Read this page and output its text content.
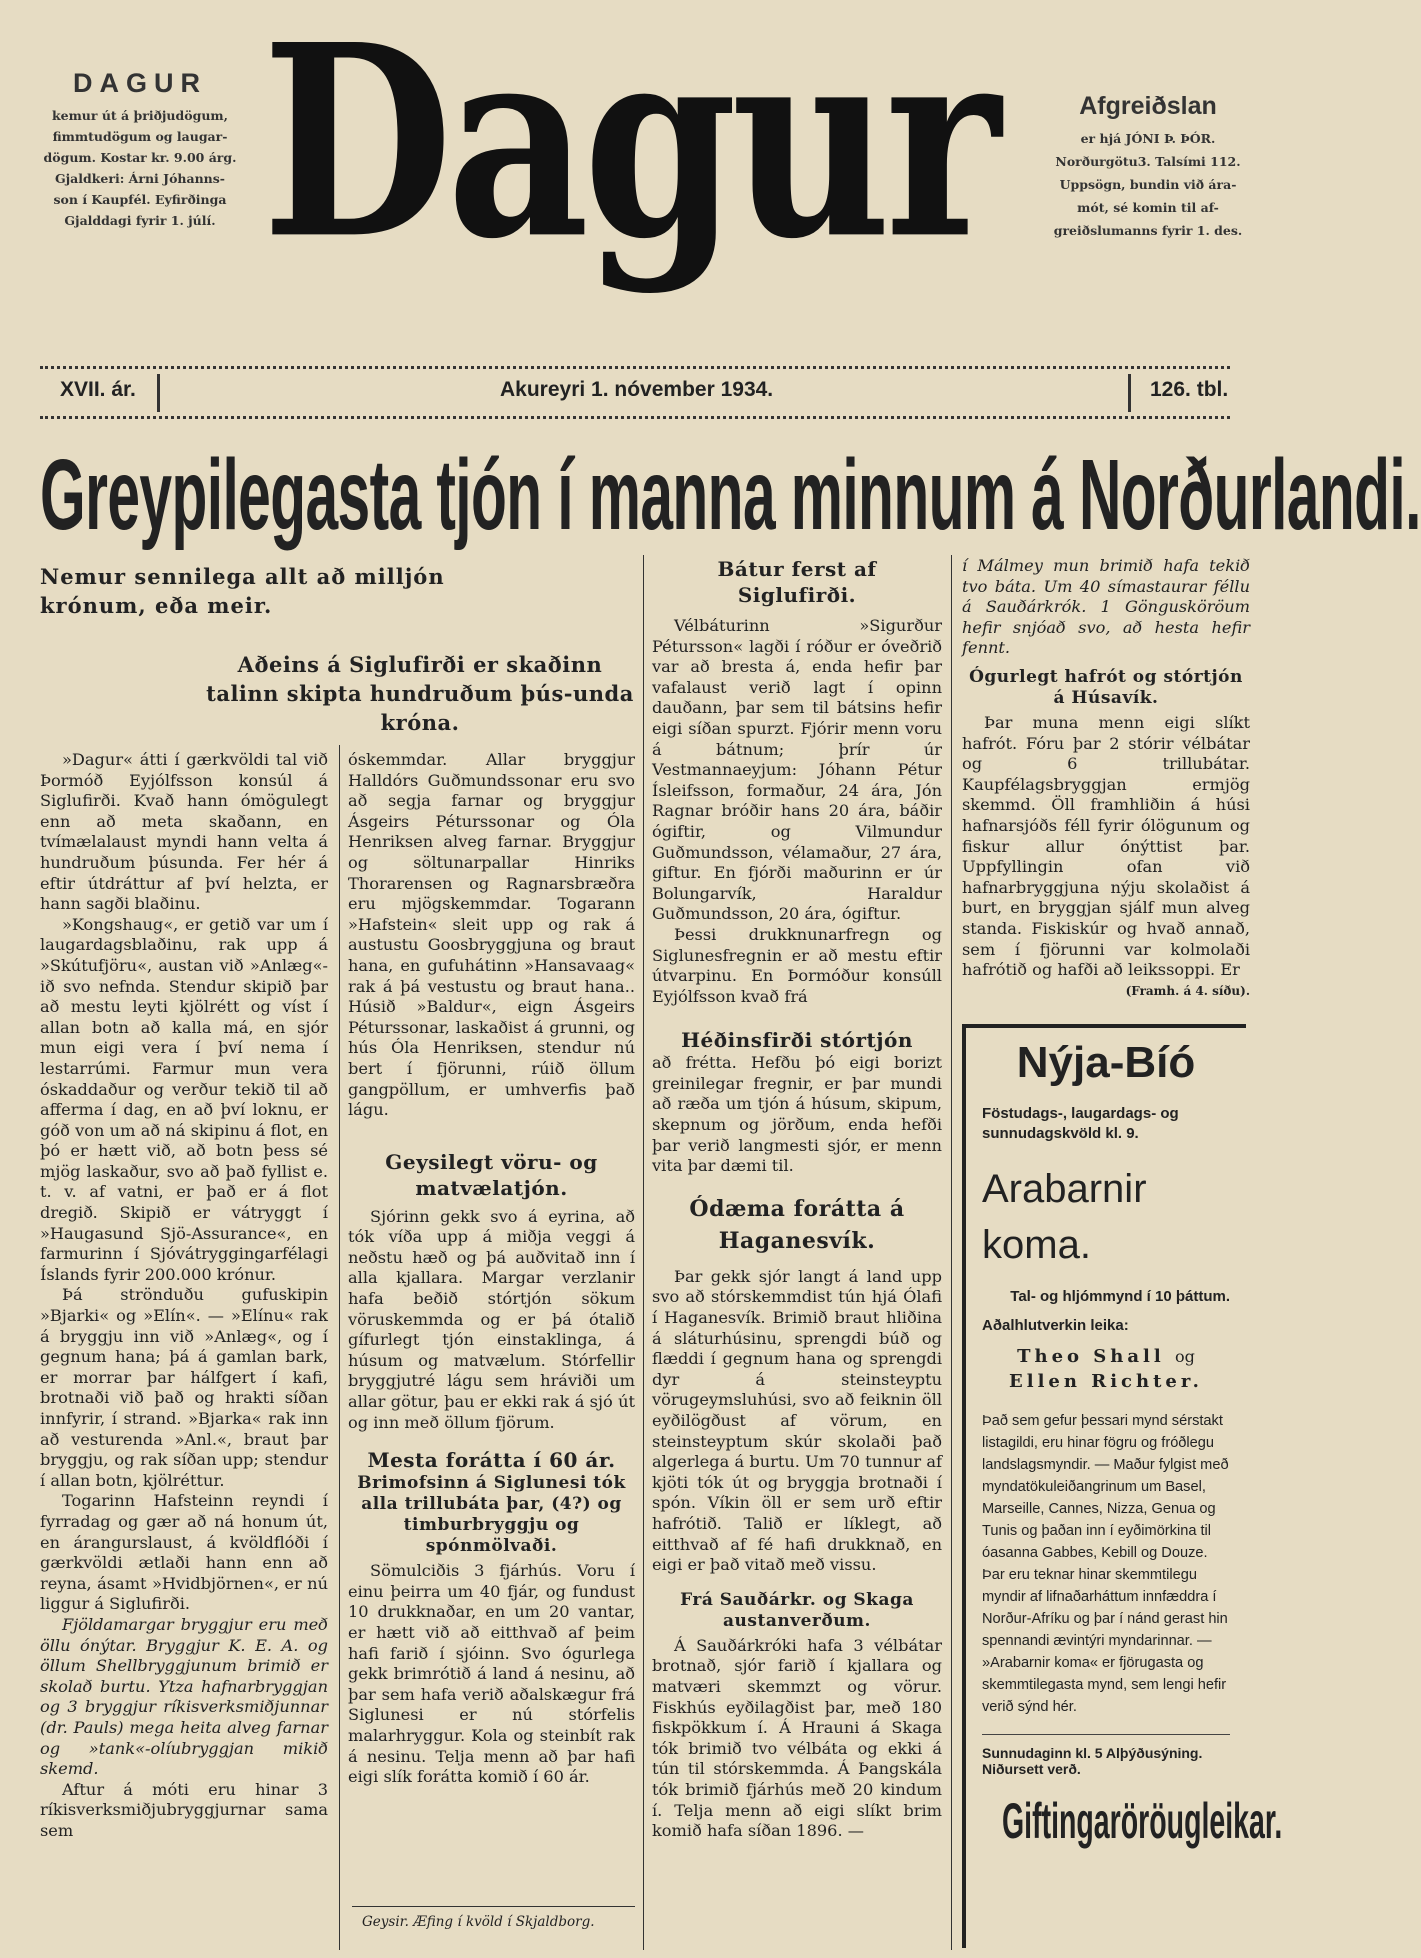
DAGUR
kemur út á þriðjudögum,
fimmtudögum og laugar-
dögum. Kostar kr. 9.00 árg.
Gjaldkeri: Árni Jóhanns-
son í Kaupfél. Eyfirðinga
Gjalddagi fyrir 1. júlí. Dagur	Afgreiðslan
er hjá JÓNI Þ. ÞÓR.
Norðurgötu3. Talsími 112.
Uppsögn, bundin við ára-
mót, sé komin til af-
greiðslumanns fyrir 1. des.
XVII. ár.	Akureyri 1. nóvember 1934.	126. tbl.
Greypilegasta tjón í manna minnum á Norðurlandi.
Nemur sennilega allt að milljón krónum, eða meir.
Aðeins á Siglufirði er skaðinn talinn skipta hundruðum þús-unda króna.

»Dagur« átti í gærkvöldi tal við Þormóð Eyjólfsson konsúl á Siglufirði. Kvað hann ómögulegt enn að meta skaðann, en tvímælalaust myndi hann velta á hundruðum þúsunda. Fer hér á eftir útdráttur af því helzta, er hann sagði blaðinu.

»Kongshaug«, er getið var um í laugardagsblaðinu, rak upp á »Skútufjöru«, austan við »Anlæg«-ið svo nefnda. Stendur skipið þar að mestu leyti kjölrétt og víst í allan botn að kalla má, en sjór mun eigi vera í því nema í lestarrúmi. Farmur mun vera óskaddaður og verður tekið til að afferma í dag, en að því loknu, er góð von um að ná skipinu á flot, en þó er hætt við, að botn þess sé mjög laskaður, svo að það fyllist e. t. v. af vatni, er það er á flot dregið. Skipið er vátryggt í »Haugasund Sjö-Assurance«, en farmurinn í Sjóvátryggingarfélagi Íslands fyrir 200.000 krónur.

Þá strönduðu gufuskipin »Bjarki« og »Elín«. — »Elínu« rak á bryggju inn við »Anlæg«, og í gegnum hana; þá á gamlan bark, er morrar þar hálfgert í kafi, brotnaði við það og hrakti síðan innfyrir, í strand. »Bjarka« rak inn að vesturenda »Anl.«, braut þar bryggju, og rak síðan upp; stendur í allan botn, kjölréttur.

Togarinn Hafsteinn reyndi í fyrradag og gær að ná honum út, en árangurslaust, á kvöldflóði í gærkvöldi ætlaði hann enn að reyna, ásamt »Hvidbjörnen«, er nú liggur á Siglufirði.

Fjöldamargar bryggjur eru með öllu ónýtar. Bryggjur K. E. A. og öllum Shellbryggjunum brimið er skolað burtu. Ytza hafnarbryggjan og 3 bryggjur ríkisverksmiðjunnar (dr. Pauls) mega heita alveg farnar og »tank«-olíubryggjan mikið skemd.

Aftur á móti eru hinar 3 ríkisverksmiðjubryggjurnar sama sem

óskemmdar. Allar bryggjur Halldórs Guðmundssonar eru svo að segja farnar og bryggjur Ásgeirs Péturssonar og Óla Henriksen alveg farnar. Bryggjur og söltunarpallar Hinriks Thorarensen og Ragnarsbræðra eru mjögskemmdar. Togarann »Hafstein« sleit upp og rak á austustu Goosbryggjuna og braut hana, en gufuhátinn »Hansavaag« rak á þá vestustu og braut hana.. Húsið »Baldur«, eign Ásgeirs Péturssonar, laskaðist á grunni, og hús Óla Henriksen, stendur nú bert í fjörunni, rúið öllum gangpöllum, er umhverfis það lágu.

Geysilegt vöru- og matvælatjón.

Sjórinn gekk svo á eyrina, að tók víða upp á miðja veggi á neðstu hæð og þá auðvitað inn í alla kjallara. Margar verzlanir hafa beðið stórtjón sökum vöruskemmda og er þá ótalið gífurlegt tjón einstaklinga, á húsum og matvælum. Stórfellir bryggjutré lágu sem hráviði um allar götur, þau er ekki rak á sjó út og inn með öllum fjörum.

Mesta forátta í 60 ár.

Brimofsinn á Siglunesi tók alla trillubáta þar, (4?) og timburbryggju og spónmölvaði.

Sömulciðis 3 fjárhús. Voru í einu þeirra um 40 fjár, og fundust 10 drukknaðar, en um 20 vantar, er hætt við að eitthvað af þeim hafi farið í sjóinn. Svo ógurlega gekk brimrótið á land á nesinu, að þar sem hafa verið aðalskægur frá Siglunesi er nú stórfelis malarhryggur. Kola og steinbít rak á nesinu. Telja menn að þar hafi eigi slík forátta komið í 60 ár.

Geysir. Æfing í kvöld í Skjaldborg.

Bátur ferst af Siglufirði.

Vélbáturinn »Sigurður Pétursson« lagði í róður er óveðrið var að bresta á, enda hefir þar vafalaust verið lagt í opinn dauðann, þar sem til bátsins hefir eigi síðan spurzt. Fjórir menn voru á bátnum; þrír úr Vestmannaeyjum: Jóhann Pétur Ísleifsson, formaður, 24 ára, Jón Ragnar bróðir hans 20 ára, báðir ógiftir, og Vilmundur Guðmundsson, vélamaður, 27 ára, giftur. En fjórði maðurinn er úr Bolungarvík, Haraldur Guðmundsson, 20 ára, ógiftur.

Þessi drukknunarfregn og Siglunesfregnin er að mestu eftir útvarpinu. En Þormóður konsúll Eyjólfsson kvað frá

Héðinsfirði stórtjón

að frétta. Hefðu þó eigi borizt greinilegar fregnir, er þar mundi að ræða um tjón á húsum, skipum, skepnum og jörðum, enda hefði þar verið langmesti sjór, er menn vita þar dæmi til.

Ódæma forátta á Haganesvík.

Þar gekk sjór langt á land upp svo að stórskemmdist tún hjá Ólafi í Haganesvík. Brimið braut hliðina á sláturhúsinu, sprengdi búð og flæddi í gegnum hana og sprengdi dyr á steinsteyptu vörugeymsluhúsi, svo að feiknin öll eyðilögðust af vörum, en steinsteyptum skúr skolaði það algerlega á burtu. Um 70 tunnur af kjöti tók út og bryggja brotnaði í spón. Víkin öll er sem urð eftir hafrótið. Talið er líklegt, að eitthvað af fé hafi drukknað, en eigi er það vitað með vissu.

Frá Sauðárkr. og Skaga austanverðum.

Á Sauðárkróki hafa 3 vélbátar brotnað, sjór farið í kjallara og matværi skemmzt og vörur. Fiskhús eyðilagðist þar, með 180 fiskpökkum í. Á Hrauni á Skaga tók brimið tvo vélbáta og ekki á tún til stórskemmda. Á Þangskála tók brimið fjárhús með 20 kindum í. Telja menn að eigi slíkt brim komið hafa síðan 1896. —

í Málmey mun brimið hafa tekið tvo báta. Um 40 símastaurar féllu á Sauðárkrók. 1 Göngusköröum hefir snjóað svo, að hesta hefir fennt.

Ógurlegt hafrót og stórtjón á Húsavík.

Þar muna menn eigi slíkt hafrót. Fóru þar 2 stórir vélbátar og 6 trillubátar. Kaupfélagsbryggjan ermjög skemmd. Öll framhliðin á húsi hafnarsjóðs féll fyrir ólögunum og fiskur allur ónýttist þar. Uppfyllingin ofan við hafnarbryggjuna nýju skolaðist á burt, en bryggjan sjálf mun alveg standa. Fiskiskúr og hvað annað, sem í fjörunni var kolmolaði hafrótið og hafði að leikssoppi. Er

(Framh. á 4. síðu).

Nýja-Bíó
Föstudags-, laugardags- og sunnudagskvöld kl. 9.
Arabarnir
koma.
Tal- og hljómmynd í 10 þáttum.
Aðalhlutverkin leika:
Theo Shall og
Ellen Richter.
Það sem gefur þessari mynd sérstakt listagildi, eru hinar fögru og fróðlegu landslagsmyndir. — Maður fylgist með myndatökuleiðangrinum um Basel, Marseille, Cannes, Nizza, Genua og Tunis og þaðan inn í eyðimörkina til óasanna Gabbes, Kebill og Douze. Þar eru teknar hinar skemmtilegu myndir af lifnaðarháttum innfæddra í Norður-Afríku og þar í nánd gerast hin spennandi ævintýri myndarinnar. — »Arabarnir koma« er fjörugasta og skemmtilegasta mynd, sem lengi hefir verið sýnd hér.
Sunnudaginn kl. 5 Alþýðusýning.
Niðursett verð.
Giftingaröröugleikar.
